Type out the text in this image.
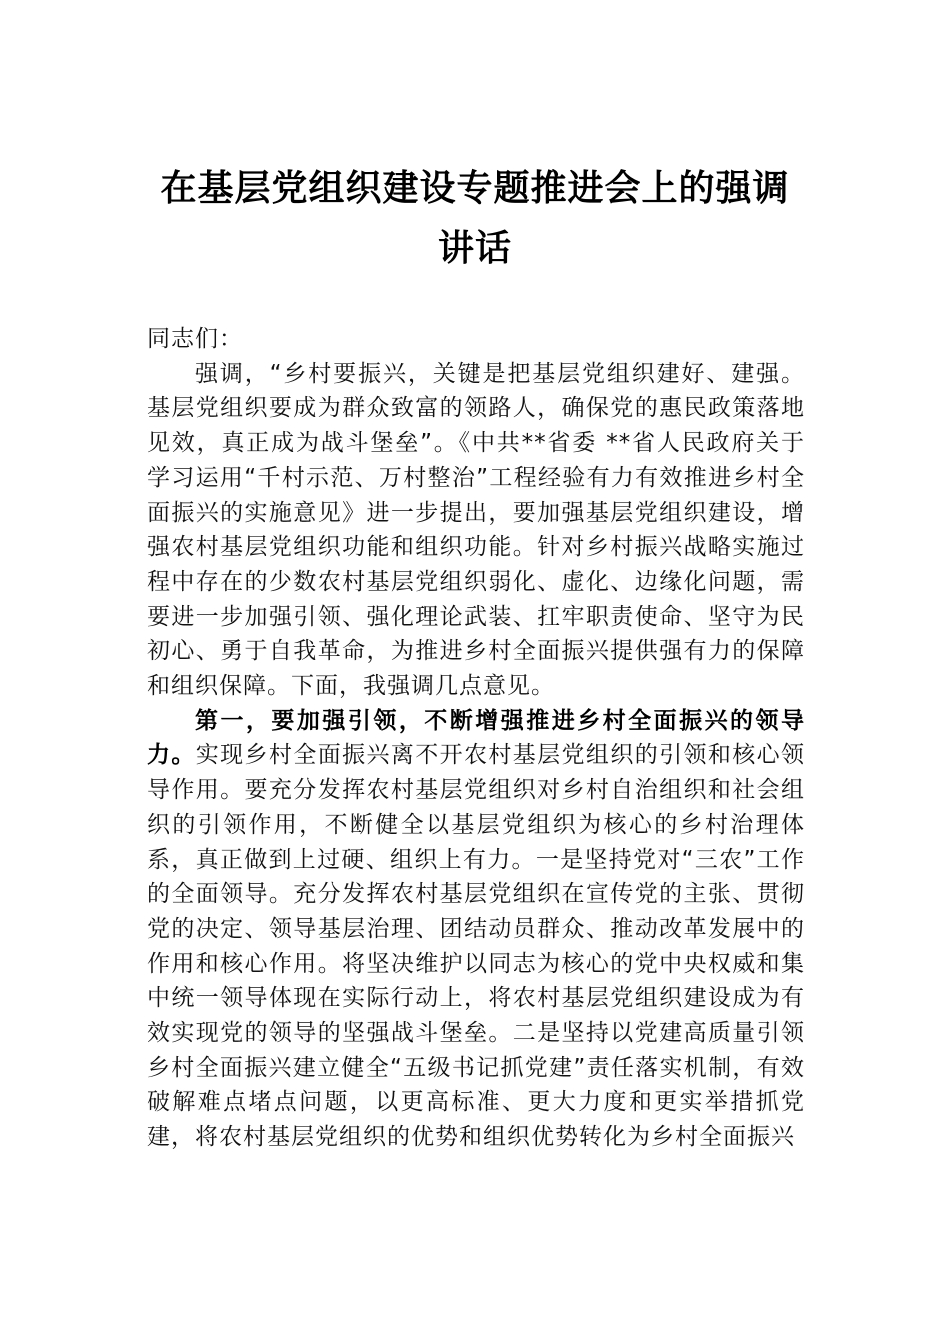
在基层党组织建设专题推进会上的强调讲话

同志们：

强调，“乡村要振兴，关键是把基层党组织建好、建强。基层党组织要成为群众致富的领路人，确保党的惠民政策落地见效，真正成为战斗堡垒”。《中共**省委 **省人民政府关于学习运用“千村示范、万村整治”工程经验有力有效推进乡村全面振兴的实施意见》进一步提出，要加强基层党组织建设，增强农村基层党组织功能和组织功能。针对乡村振兴战略实施过程中存在的少数农村基层党组织弱化、虚化、边缘化问题，需要进一步加强引领、强化理论武装、扛牢职责使命、坚守为民初心、勇于自我革命，为推进乡村全面振兴提供强有力的保障和组织保障。下面，我强调几点意见。

第一，要加强引领，不断增强推进乡村全面振兴的领导力。实现乡村全面振兴离不开农村基层党组织的引领和核心领导作用。要充分发挥农村基层党组织对乡村自治组织和社会组织的引领作用，不断健全以基层党组织为核心的乡村治理体系，真正做到上过硬、组织上有力。一是坚持党对“三农”工作的全面领导。充分发挥农村基层党组织在宣传党的主张、贯彻党的决定、领导基层治理、团结动员群众、推动改革发展中的作用和核心作用。将坚决维护以同志为核心的党中央权威和集中统一领导体现在实际行动上，将农村基层党组织建设成为有效实现党的领导的坚强战斗堡垒。二是坚持以党建高质量引领乡村全面振兴建立健全“五级书记抓党建”责任落实机制，有效破解难点堵点问题，以更高标准、更大力度和更实举措抓党建，将农村基层党组织的优势和组织优势转化为乡村全面振兴
